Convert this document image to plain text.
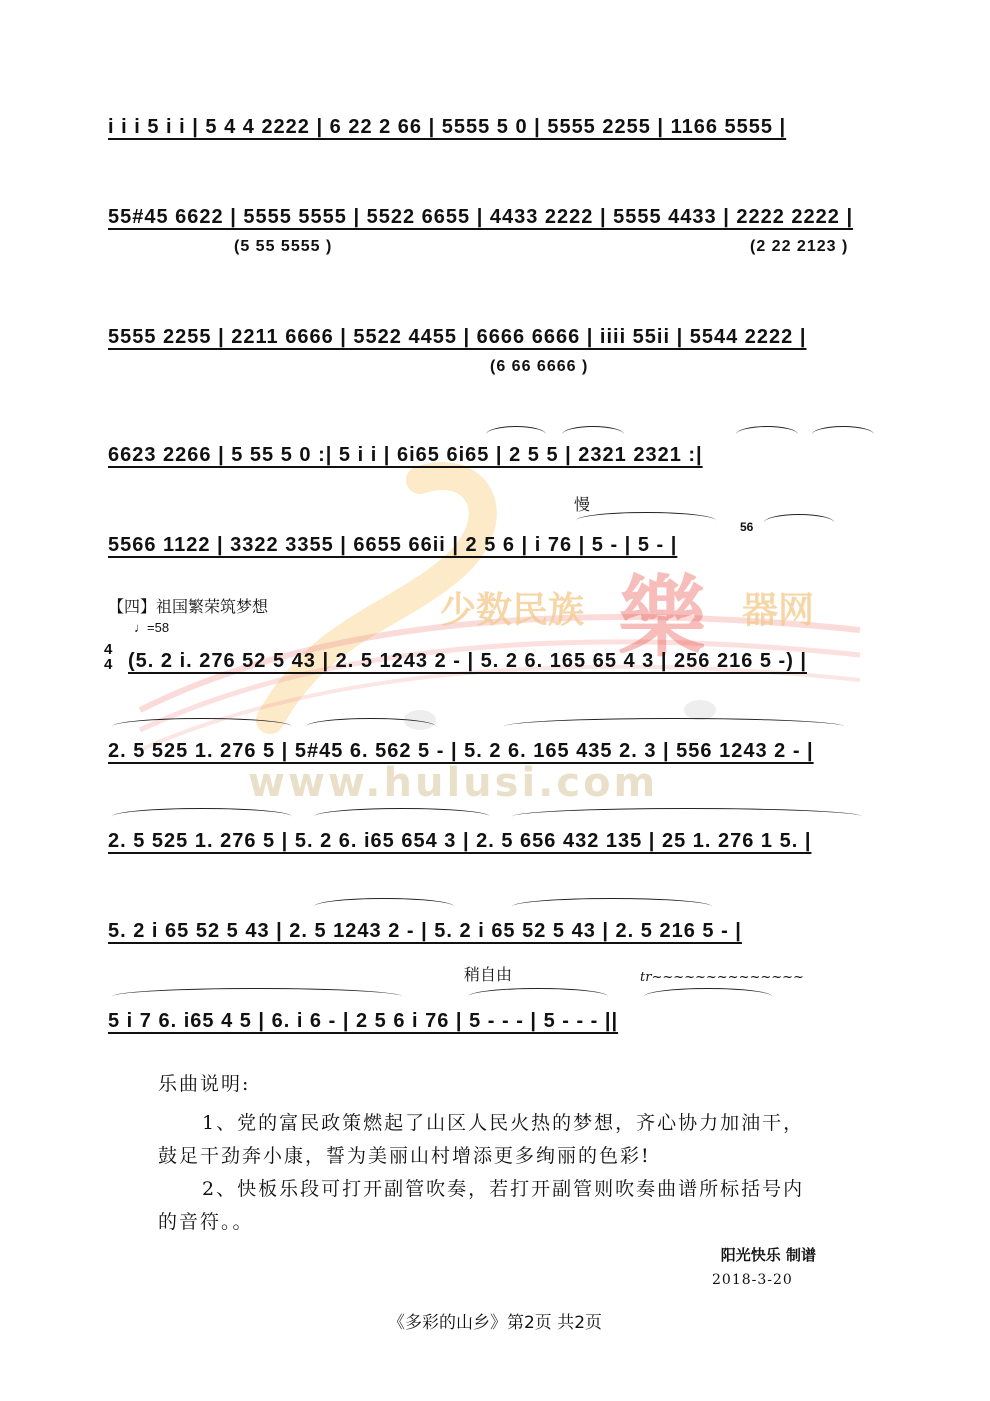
少数民族 樂 器网
www.hulusi.com
i i i 5 i i | 5 4 4 2222 | 6 22 2 66 | 5555 5 0 | 5555 2255 | 1166 5555 |
55#45 6622 | 5555 5555 | 5522 6655 | 4433 2222 | 5555 4433 | 2222 2222 |
(5 55 5555 )	(2 22 2123 )
5555 2255 | 2211 6666 | 5522 4455 | 6666 6666 | iiii 55ii | 5544 2222 |
(6 66 6666 )
6623 2266 | 5 55 5 0 :| 5 i i | 6i65 6i65 | 2 5 5 | 2321 2321 :|
慢
5566 1122 | 3322 3355 | 6655 66ii | 2 5 6 | i 76 | 5 - | 5 - |
56
【四】祖国繁荣筑梦想
♩=58
4
4 (5. 2 i. 276 52 5 43 | 2. 5 1243 2 - | 5. 2 6. 165 65 4 3 | 256 216 5 -) |
2. 5 525 1. 276 5 | 5#45 6. 562 5 - | 5. 2 6. 165 435 2. 3 | 556 1243 2 - |
2. 5 525 1. 276 5 | 5. 2 6. i65 654 3 | 2. 5 656 432 135 | 25 1. 276 1 5. |
5. 2 i 65 52 5 43 | 2. 5 1243 2 - | 5. 2 i 65 52 5 43 | 2. 5 216 5 - |
稍自由	tr~~~~~~~~~~~~~~
5 i 7 6. i65 4 5 | 6. i 6 - | 2 5 6 i 76 | 5 - - - | 5 - - - ||

乐曲说明:

1、党的富民政策燃起了山区人民火热的梦想，齐心协力加油干，

鼓足干劲奔小康，誓为美丽山村增添更多绚丽的色彩!

2、快板乐段可打开副管吹奏，若打开副管则吹奏曲谱所标括号内

的音符。。

阳光快乐 制谱
2018-3-20
《多彩的山乡》第2页 共2页
